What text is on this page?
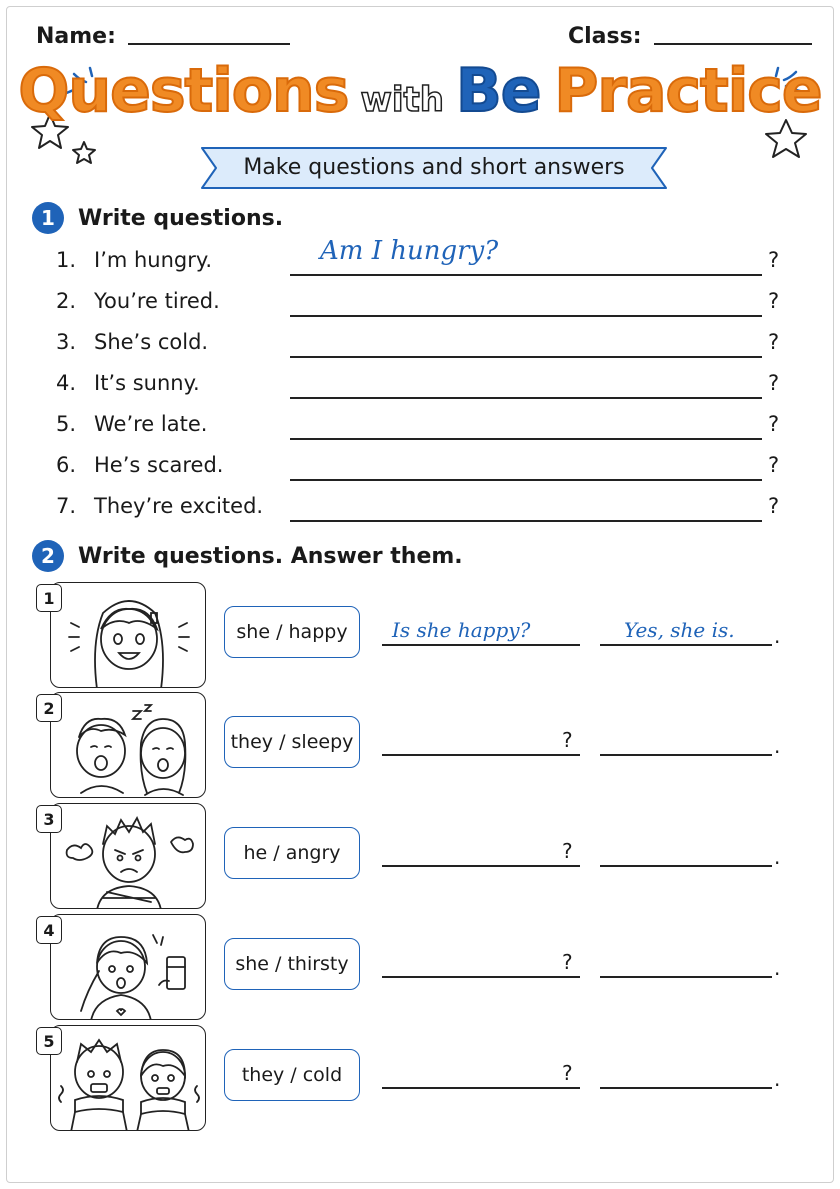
Name:	Class:
Questions with Be Practice
Make questions and short answers
1	Write questions.
1. I’m hungry.	Am I hungry?	?
2. You’re tired.	?
3. She’s cold.	?
4. It’s sunny.	?
5. We’re late.	?
6. He’s scared.	?
7. They’re excited.	?
2	Write questions. Answer them.
1
she / happy	Is she happy?	Yes, she is. .
2
they / sleepy	?	.
3
he / angry	?	.
4
she / thirsty	?	.
5
they / cold	?	.
